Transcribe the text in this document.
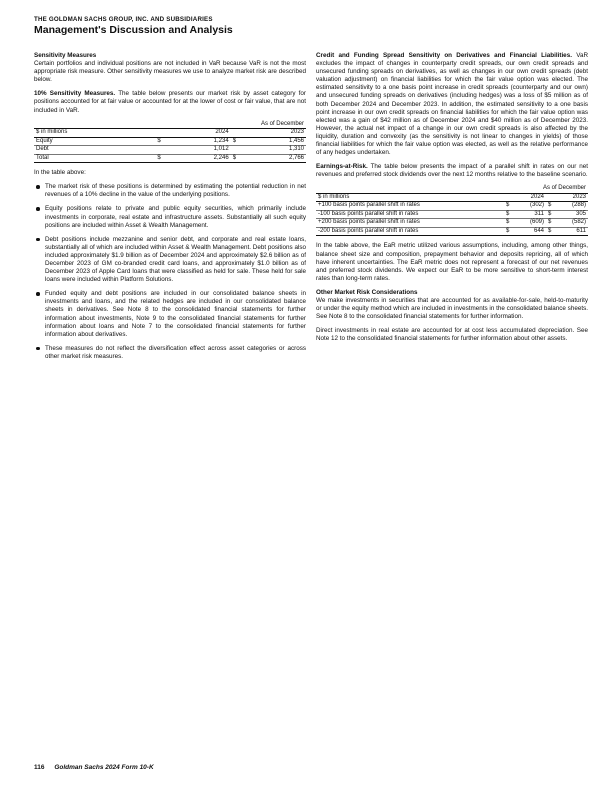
THE GOLDMAN SACHS GROUP, INC. AND SUBSIDIARIES
Management's Discussion and Analysis

Sensitivity Measures

Certain portfolios and individual positions are not included in VaR because VaR is not the most appropriate risk measure. Other sensitivity measures we use to analyze market risk are described below.

10% Sensitivity Measures. The table below presents our market risk by asset category for positions accounted for at fair value or accounted for at the lower of cost or fair value, that are not included in VaR.

	As of December			
$ in millions	2024		2023	
Equity	$	1,234	$	1,456
Debt		1,012		1,310
Total	$	2,246	$	2,766

In the table above:

The market risk of these positions is determined by estimating the potential reduction in net revenues of a 10% decline in the value of the underlying positions.
Equity positions relate to private and public equity securities, which primarily include investments in corporate, real estate and infrastructure assets. Substantially all such equity positions are included within Asset & Wealth Management.
Debt positions include mezzanine and senior debt, and corporate and real estate loans, substantially all of which are included within Asset & Wealth Management. Debt positions also included approximately $1.9 billion as of December 2024 and approximately $2.6 billion as of December 2023 of GM co-branded credit card loans, and approximately $1.0 billion as of December 2023 of Apple Card loans that were classified as held for sale. These held for sale loans were included within Platform Solutions.
Funded equity and debt positions are included in our consolidated balance sheets in investments and loans, and the related hedges are included in our consolidated balance sheets in derivatives. See Note 8 to the consolidated financial statements for further information about investments, Note 9 to the consolidated financial statements for further information about loans and Note 7 to the consolidated financial statements for further information about derivatives.
These measures do not reflect the diversification effect across asset categories or across other market risk measures.

Credit and Funding Spread Sensitivity on Derivatives and Financial Liabilities. VaR excludes the impact of changes in counterparty credit spreads, our own credit spreads and unsecured funding spreads on derivatives, as well as changes in our own credit spreads (debt valuation adjustment) on financial liabilities for which the fair value option was elected. The estimated sensitivity to a one basis point increase in credit spreads (counterparty and our own) and unsecured funding spreads on derivatives (including hedges) was a loss of $5 million as of both December 2024 and December 2023. In addition, the estimated sensitivity to a one basis point increase in our own credit spreads on financial liabilities for which the fair value option was elected was a gain of $42 million as of December 2024 and $40 million as of December 2023. However, the actual net impact of a change in our own credit spreads is also affected by the liquidity, duration and convexity (as the sensitivity is not linear to changes in yields) of those financial liabilities for which the fair value option was elected, as well as the relative performance of any hedges undertaken.

Earnings-at-Risk. The table below presents the impact of a parallel shift in rates on our net revenues and preferred stock dividends over the next 12 months relative to the baseline scenario.

	As of December			
$ in millions	2024		2023	
+100 basis points parallel shift in rates	$	(302)	$	(288)
-100 basis points parallel shift in rates	$	311	$	305
+200 basis points parallel shift in rates	$	(609)	$	(582)
-200 basis points parallel shift in rates	$	644	$	611

In the table above, the EaR metric utilized various assumptions, including, among other things, balance sheet size and composition, prepayment behavior and deposits repricing, all of which have inherent uncertainties. The EaR metric does not represent a forecast of our net revenues and preferred stock dividends. We expect our EaR to be more sensitive to short-term interest rates than long-term rates.

Other Market Risk Considerations

We make investments in securities that are accounted for as available-for-sale, held-to-maturity or under the equity method which are included in investments in the consolidated balance sheets. See Note 8 to the consolidated financial statements for further information.

Direct investments in real estate are accounted for at cost less accumulated depreciation. See Note 12 to the consolidated financial statements for further information about other assets.

116 Goldman Sachs 2024 Form 10-K
